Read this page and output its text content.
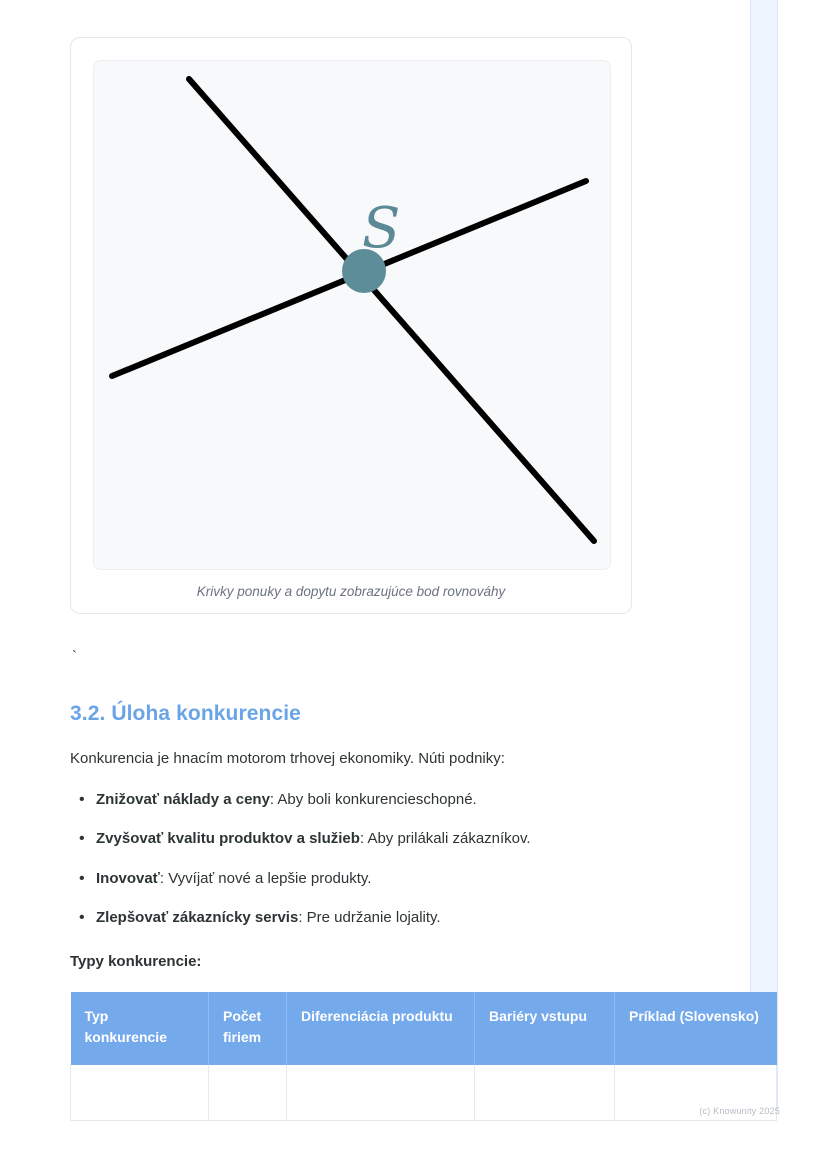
S
Krivky ponuky a dopytu zobrazujúce bod rovnováhy
`
3.2. Úloha konkurencie

Konkurencia je hnacím motorom trhovej ekonomiky. Núti podniky:

• Znižovať náklady a ceny: Aby boli konkurencieschopné.
• Zvyšovať kvalitu produktov a služieb: Aby prilákali zákazníkov.
• Inovovať: Vyvíjať nové a lepšie produkty.
• Zlepšovať zákaznícky servis: Pre udržanie lojality.

Typy konkurencie:

Typ konkurencie	Počet firiem	Diferenciácia produktu	Bariéry vstupu	Príklad (Slovensko)

(c) Knowunity 2025
